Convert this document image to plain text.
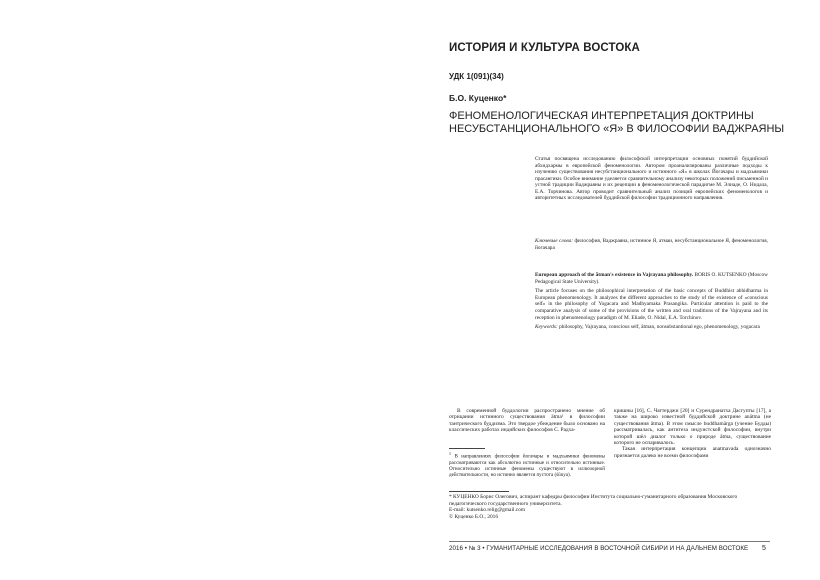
ИСТОРИЯ И КУЛЬТУРА ВОСТОКА
УДК 1(091)(34)
Б.О. Куценко*
ФЕНОМЕНОЛОГИЧЕСКАЯ ИНТЕРПРЕТАЦИЯ ДОКТРИНЫ
НЕСУБСТАНЦИОНАЛЬНОГО «Я» В ФИЛОСОФИИ ВАДЖРАЯНЫ
Статья посвящена исследованию философской интерпретации основных понятий буддийской абхидхармы в европейской феноменологии. Автором проанализированы различные подходы к изучению существования несубстанционального и истинного «Я» в школах Йогачары и мадхьямики прасангики. Особое внимание уделяется сравнительному анализу некоторых положений письменной и устной традиции Ваджраяны и их рецепции в феноменологической парадигме М. Элиаде, О. Нидала, Е.А. Торчинова. Автор проводит сравнительный анализ позиций европейских феноменологов и авторитетных исследователей буддийской философии традиционного направления.
Ключевые слова: философия, Ваджраяна, истинное Я, атман, несубстанциональное Я, феноменология, йогачара

European approach of the ātman's existence in Vajrayana philosophy. BORIS O. KUTSENKO (Moscow Pedagogical State University).

The article focuses on the philosophical interpretation of the basic concepts of Buddhist abhidharma in European phenomenology. It analyzes the different approaches to the study of the existence of «conscious self» in the philosophy of Yogacara and Madhyamaka Prasangika. Particular attention is paid to the comparative analysis of some of the provisions of the written and oral traditions of the Vajrayana and its reception in phenomenology paradigm of M. Eliade, O. Nidal, E.A. Torchinov.

Keywords: philosophy, Vajrayana, conscious self, ātman, nonsubstantional ego, phenomenology, yogacara

В современной буддологии распространено мнение об отрицании истинного существования ātma¹ в философии тантрического буддизма. Это твердое убеждение было основано на классических работах индийских философов С. Радха-

кришны [16], С. Чаттерджи [20] и Сурендранатха Дасгупты [17], а также на широко известной буддийской доктрине anātma (не существования ātma). В этом смысле buddhamārga (учение Будды) рассматривалась, как антитеза индуистской философии, внутри которой шёл диалог только о природе ātma, существование которого не оспаривалось.

Такая интерпретация концепции anatmavada однозначно признается далеко не всеми философами

$^1$ В направлениях философии йогачары и мадхьямики феномены рассматриваются как абсолютно истинные и относительно истинные. Относительно истинные феномены существуют в иллюзорной действительности, но истинно является пустота (śūnya).
* КУЦЕНКО Борис Олегович, аспирант кафедры философии Института социально-гуманитарного образования Московского педагогического государственного университета.
E-mail: kutsenko.relig@gmail.com
© Куценко Б.О., 2016
2016 • № 3 • ГУМАНИТАРНЫЕ ИССЛЕДОВАНИЯ В ВОСТОЧНОЙ СИБИРИ И НА ДАЛЬНЕМ ВОСТОКЕ 5
